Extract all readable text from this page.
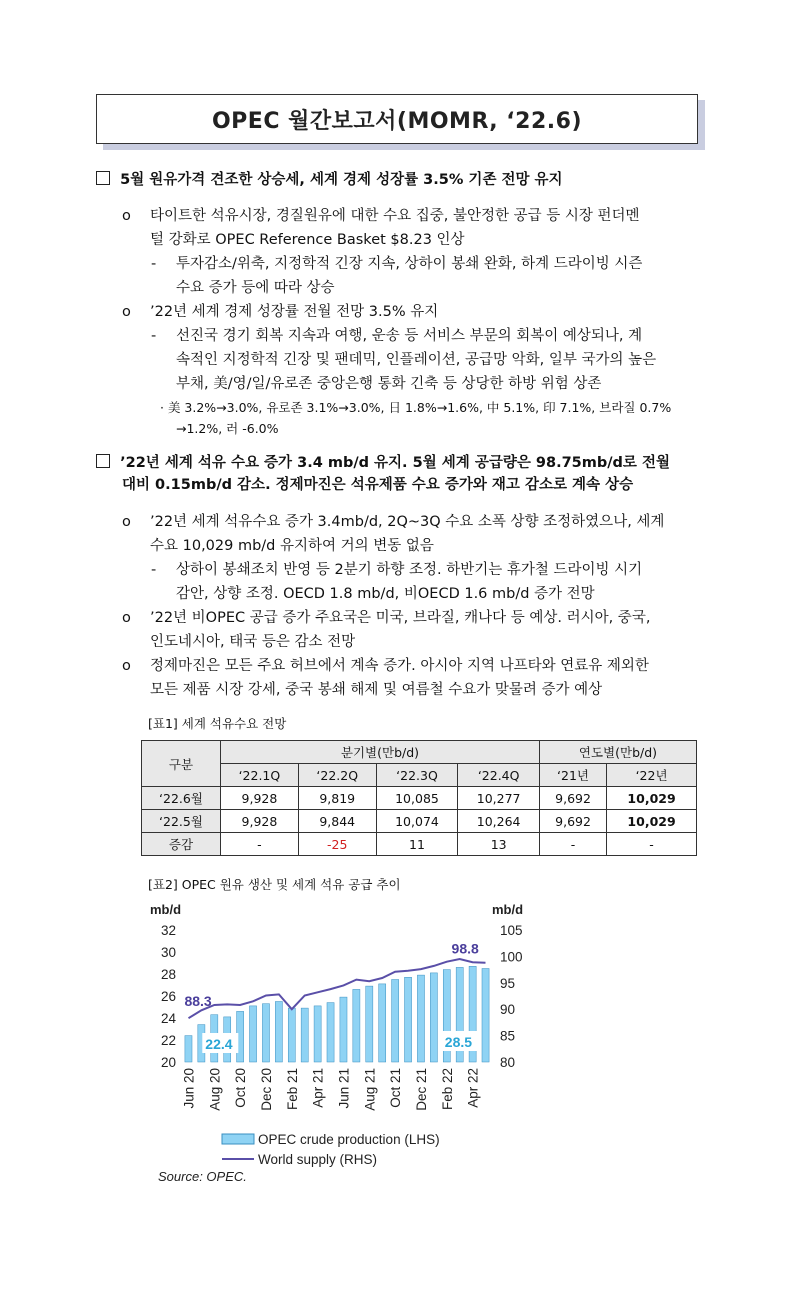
OPEC 월간보고서(MOMR, ‘22.6)
5월 원유가격 견조한 상승세, 세계 경제 성장률 3.5% 기존 전망 유지
o 타이트한 석유시장, 경질원유에 대한 수요 집중, 불안정한 공급 등 시장 펀더멘
털 강화로 OPEC Reference Basket $8.23 인상
- 투자감소/위축, 지정학적 긴장 지속, 상하이 봉쇄 완화, 하계 드라이빙 시즌
수요 증가 등에 따라 상승
o ’22년 세계 경제 성장률 전월 전망 3.5% 유지
- 선진국 경기 회복 지속과 여행, 운송 등 서비스 부문의 회복이 예상되나, 계
속적인 지정학적 긴장 및 팬데믹, 인플레이션, 공급망 악화, 일부 국가의 높은
부채, 美/영/일/유로존 중앙은행 통화 긴축 등 상당한 하방 위험 상존
· 美 3.2%→3.0%, 유로존 3.1%→3.0%, 日 1.8%→1.6%, 中 5.1%, 印 7.1%, 브라질 0.7%
→1.2%, 러 -6.0%
’22년 세계 석유 수요 증가 3.4 mb/d 유지. 5월 세계 공급량은 98.75mb/d로 전월
대비 0.15mb/d 감소. 정제마진은 석유제품 수요 증가와 재고 감소로 계속 상승
o ’22년 세계 석유수요 증가 3.4mb/d, 2Q~3Q 수요 소폭 상향 조정하였으나, 세계
수요 10,029 mb/d 유지하여 거의 변동 없음
- 상하이 봉쇄조치 반영 등 2분기 하향 조정. 하반기는 휴가철 드라이빙 시기
감안, 상향 조정. OECD 1.8 mb/d, 비OECD 1.6 mb/d 증가 전망
o ’22년 비OPEC 공급 증가 주요국은 미국, 브라질, 캐나다 등 예상. 러시아, 중국,
인도네시아, 태국 등은 감소 전망
o 정제마진은 모든 주요 허브에서 계속 증가. 아시아 지역 나프타와 연료유 제외한
모든 제품 시장 강세, 중국 봉쇄 해제 및 여름철 수요가 맞물려 증가 예상
[표1] 세계 석유수요 전망
구분	분기별(만b/d)				연도별(만b/d)	
	‘22.1Q	‘22.2Q	‘22.3Q	‘22.4Q	‘21년	‘22년
‘22.6월	9,928	9,819	10,085	10,277	9,692	10,029
‘22.5월	9,928	9,844	10,074	10,264	9,692	10,029
증감	-	-25	11	13	-	-
[표2] OPEC 원유 생산 및 세계 석유 공급 추이
mb/d	mb/d
20
22
24
26
28
30
32
80
85
90
95
100
105
88.3
98.8
22.4	28.5
Jun 20 Aug 20 Oct 20 Dec 20 Feb 21 Apr 21 Jun 21 Aug 21 Oct 21 Dec 21 Feb 22 Apr 22
OPEC crude production (LHS)
World supply (RHS)
Source: OPEC.
